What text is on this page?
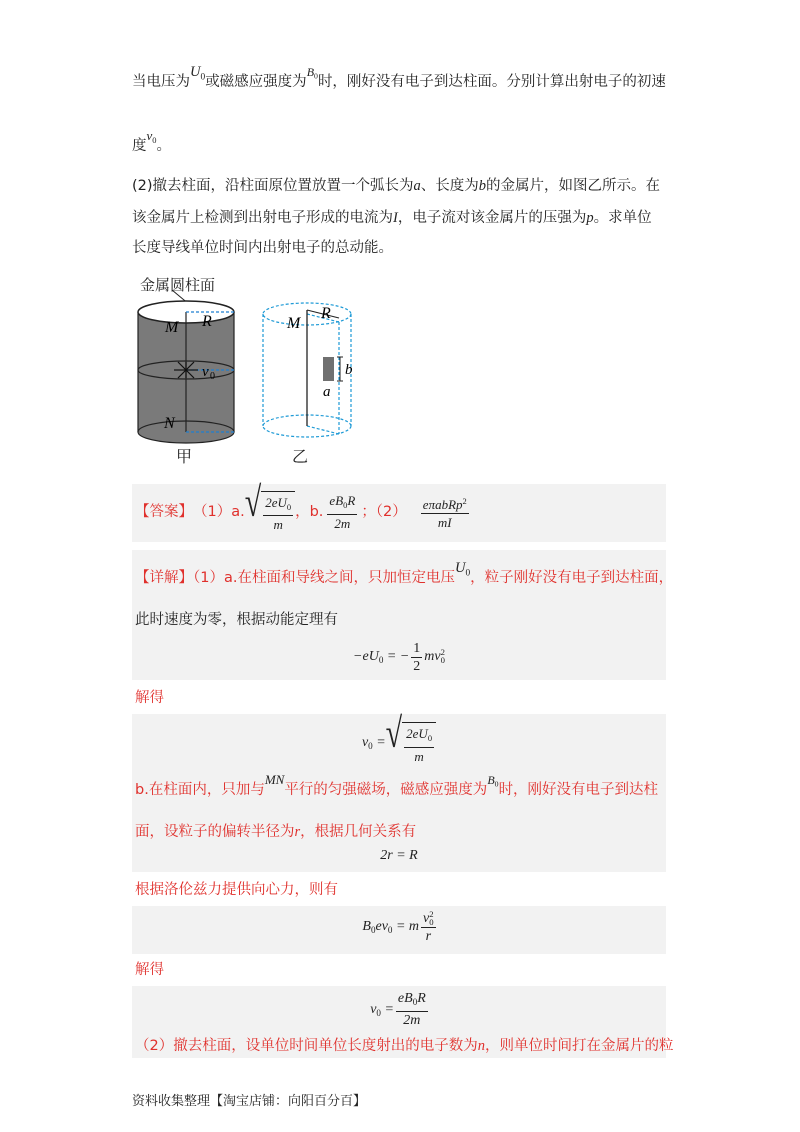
当电压为$U_0$或磁感应强度为$^{B_0}$时，刚好没有电子到达柱面。分别计算出射电子的初速
度$v_0$。
(2)撤去柱面，沿柱面原位置放置一个弧长为a、长度为b的金属片，如图乙所示。在
该金属片上检测到出射电子形成的电流为I，电子流对该金属片的压强为p。求单位
长度导线单位时间内出射电子的总动能。
金属圆柱面
M R
v 0
N
M
R
b
a
甲	乙
【答案】 （1）a. √ $\frac{2eU_0}{m}$ ，b. $\frac{eB_0R}{2m}$ ；$(2) \frac{e\pi abRp^2}{mI}$
【详解】（1）a.在柱面和导线之间，只加恒定电压$U_0$，粒子刚好没有电子到达柱面，
此时速度为零，根据动能定理有
$-eU_0$ = − $\frac{1}{2}$ mv 2
0
解得
$v_0$ = √ $\frac{2eU_0}{m}$
b.在柱面内，只加与MN平行的匀强磁场，磁感应强度为$^{B_0}$时，刚好没有电子到达柱
面，设粒子的偏转半径为r，根据几何关系有
2r = R
根据洛伦兹力提供向心力，则有
$B_0ev_0 = m$ v 2
0
r
解得
$v_0 = \frac{eB_0R}{2m}$
（2）撤去柱面，设单位时间单位长度射出的电子数为n，则单位时间打在金属片的粒
资料收集整理【淘宝店铺：向阳百分百】
